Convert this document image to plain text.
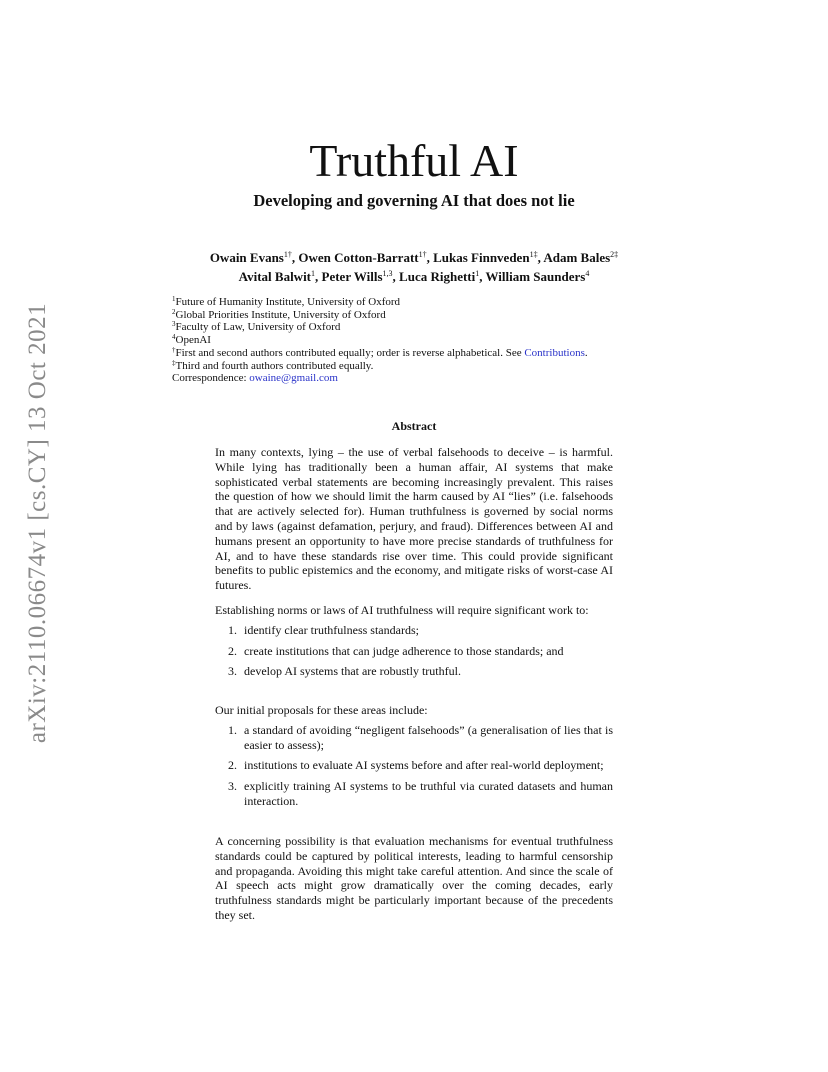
arXiv:2110.06674v1 [cs.CY] 13 Oct 2021
Truthful AI
Developing and governing AI that does not lie
Owain Evans$^{1\dagger}$, Owen Cotton-Barratt$^{1\dagger}$, Lukas Finnveden$^{1\ddagger}$, Adam Bales$^{2\ddagger}$
Avital Balwit$^1$, Peter Wills$^{1,3}$, Luca Righetti$^1$, William Saunders$^4$
$^1$Future of Humanity Institute, University of Oxford
$^2$Global Priorities Institute, University of Oxford
$^3$Faculty of Law, University of Oxford
$^4$OpenAI
†First and second authors contributed equally; order is reverse alphabetical. See Contributions.
‡Third and fourth authors contributed equally.
Correspondence: owaine@gmail.com
Abstract

In many contexts, lying – the use of verbal falsehoods to deceive – is harmful. While lying has traditionally been a human affair, AI systems that make sophisticated verbal statements are becoming increasingly prevalent. This raises the question of how we should limit the harm caused by AI “lies” (i.e. falsehoods that are actively selected for). Human truthfulness is governed by social norms and by laws (against defamation, perjury, and fraud). Differences between AI and humans present an opportunity to have more precise standards of truthfulness for AI, and to have these standards rise over time. This could provide significant benefits to public epistemics and the economy, and mitigate risks of worst-case AI futures.

Establishing norms or laws of AI truthfulness will require significant work to:

1. identify clear truthfulness standards;
2. create institutions that can judge adherence to those standards; and
3. develop AI systems that are robustly truthful.

Our initial proposals for these areas include:

1. a standard of avoiding “negligent falsehoods” (a generalisation of lies that is easier to assess);
2. institutions to evaluate AI systems before and after real-world deployment;
3. explicitly training AI systems to be truthful via curated datasets and human interaction.

A concerning possibility is that evaluation mechanisms for eventual truthfulness standards could be captured by political interests, leading to harmful censorship and propaganda. Avoiding this might take careful attention. And since the scale of AI speech acts might grow dramatically over the coming decades, early truthfulness standards might be particularly important because of the precedents they set.
